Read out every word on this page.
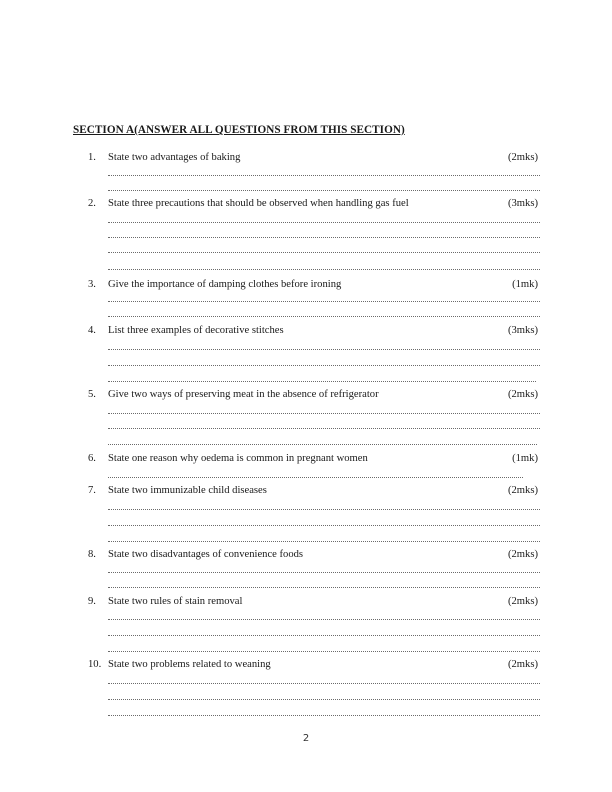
SECTION A(ANSWER ALL QUESTIONS FROM THIS SECTION)
1. State two advantages of baking	(2mks)
2. State three precautions that should be observed when handling gas fuel	(3mks)
3. Give the importance of damping clothes before ironing	(1mk)
4. List three examples of decorative stitches	(3mks)
5. Give two ways of preserving meat in the absence of refrigerator	(2mks)
6. State one reason why oedema is common in pregnant women	(1mk)
7. State two immunizable child diseases	(2mks)
8. State two disadvantages of convenience foods	(2mks)
9. State two rules of stain removal	(2mks)
10. State two problems related to weaning	(2mks)
2
